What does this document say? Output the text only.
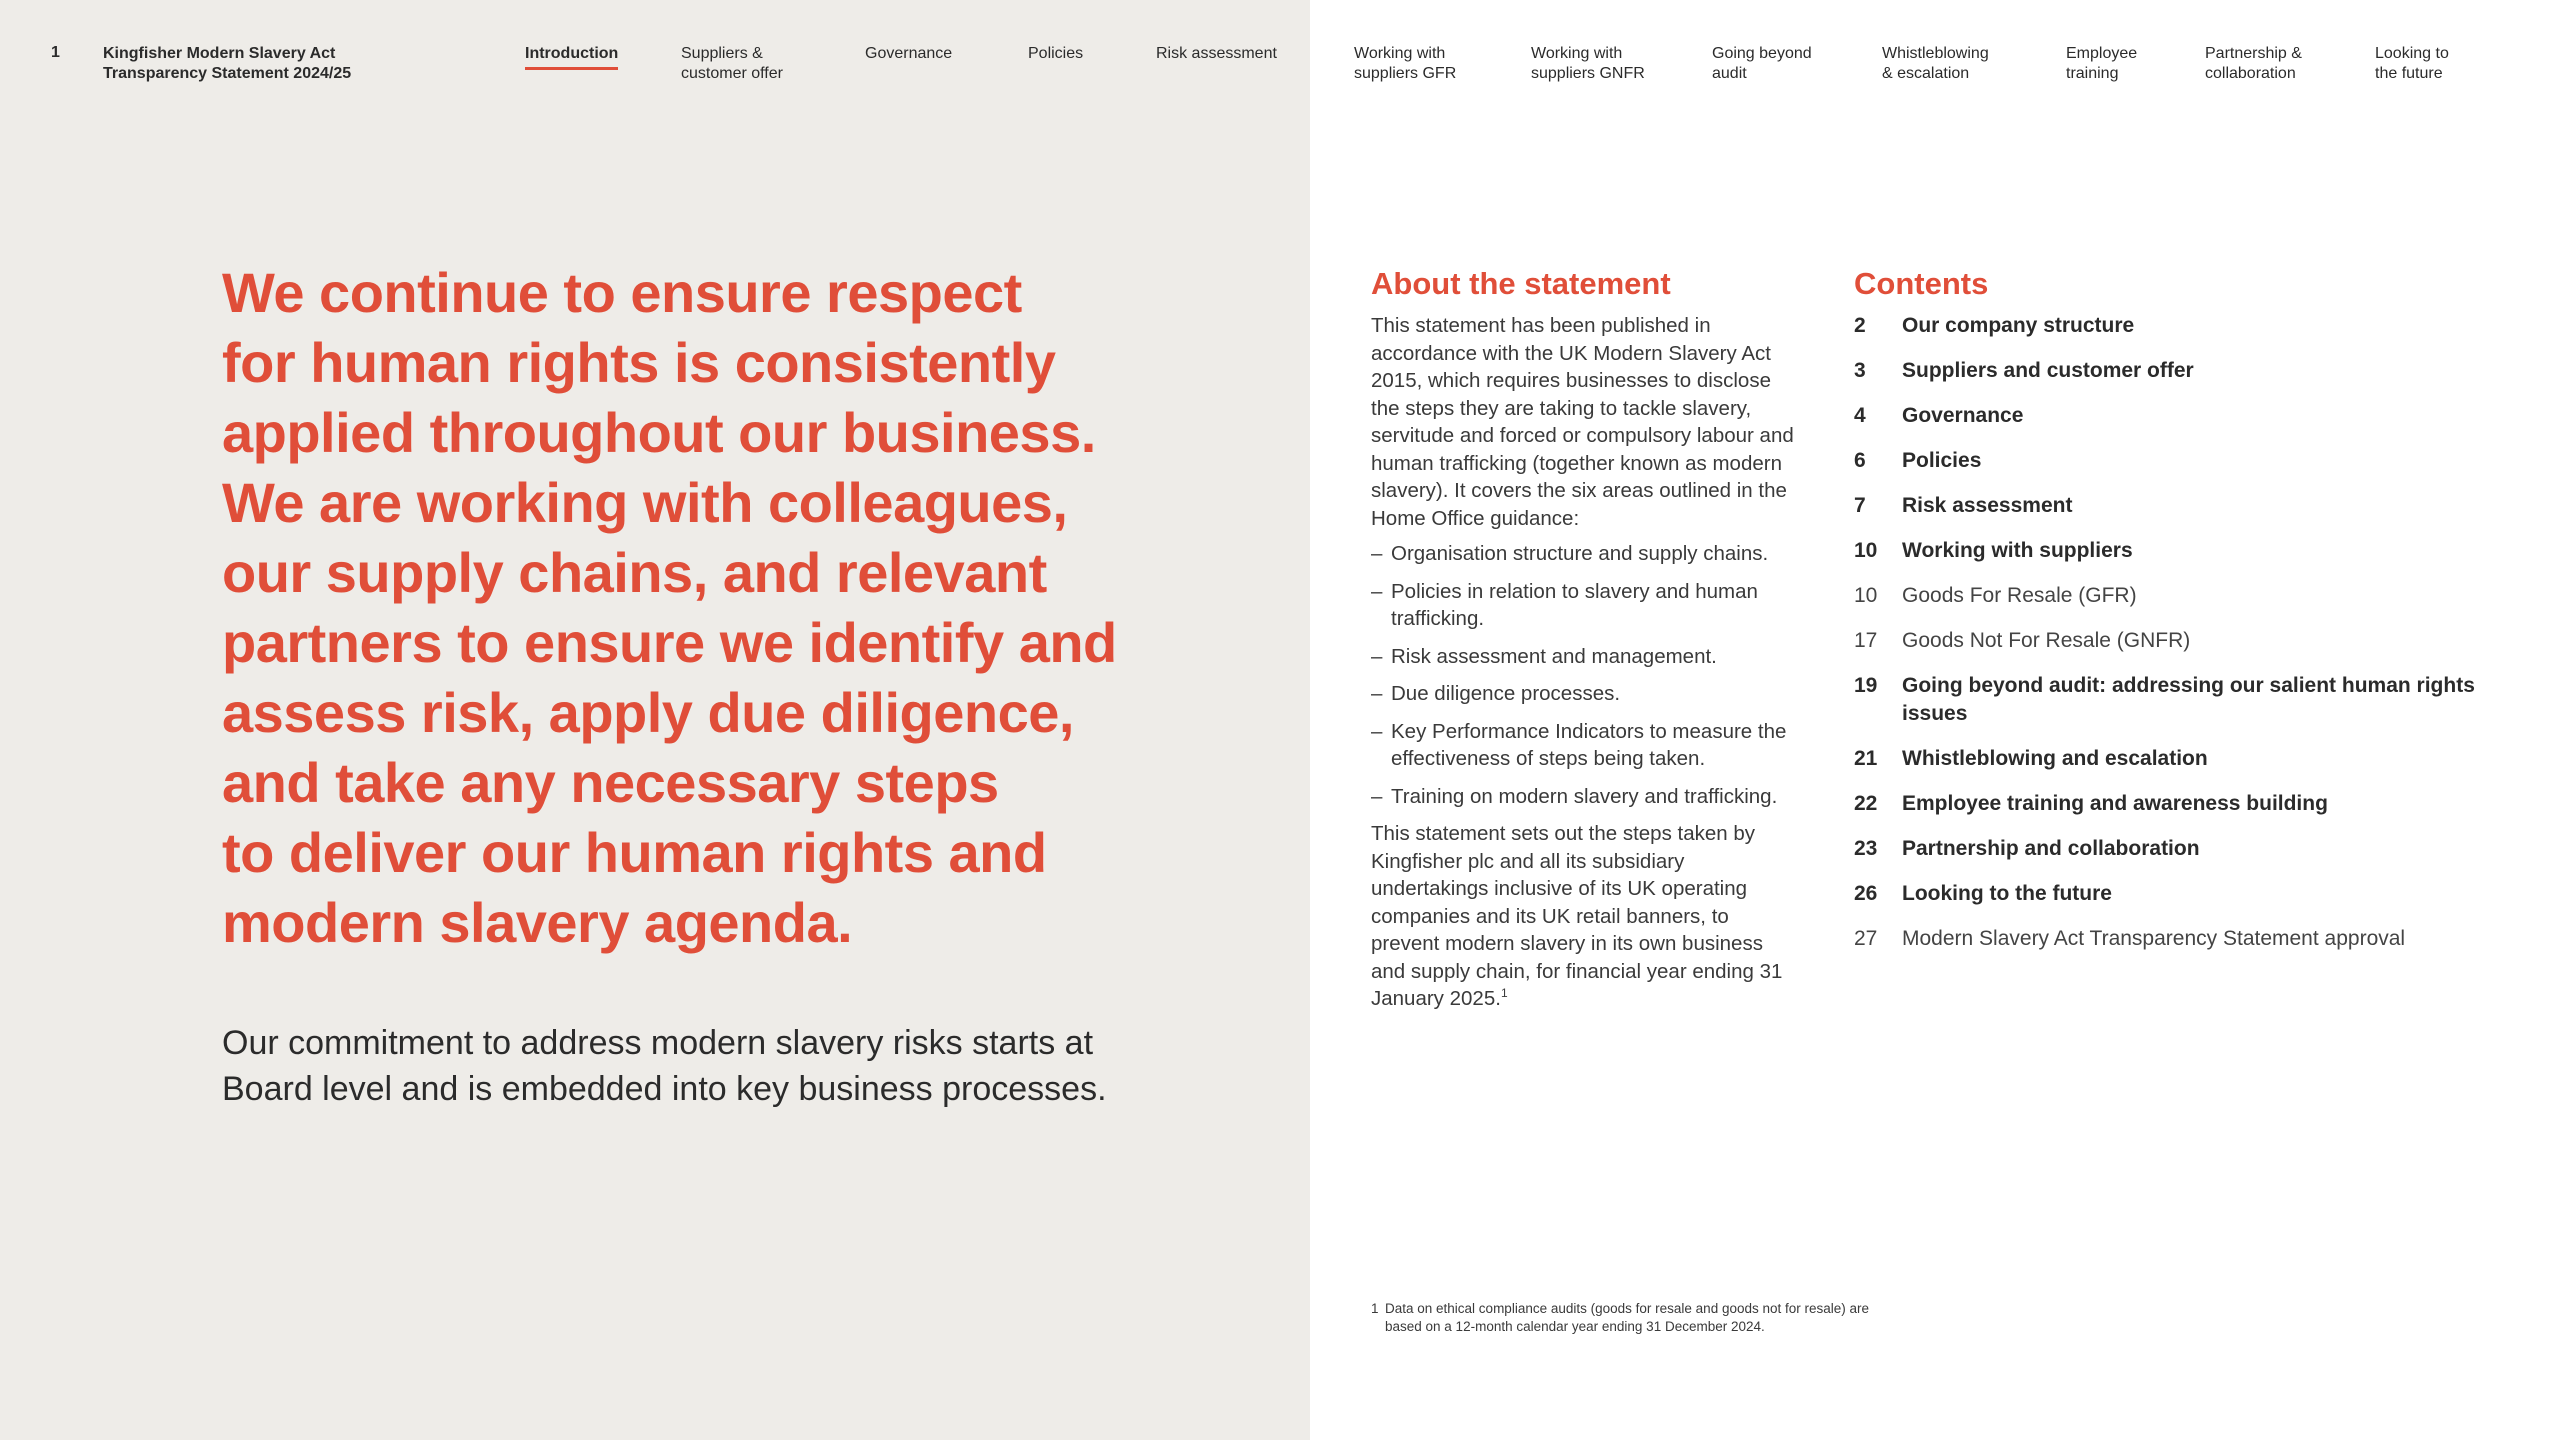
1	Kingfisher Modern Slavery Act
Transparency Statement 2024/25
Introduction	Suppliers &
customer offer
Governance	Policies	Risk assessment	Working with
suppliers GFR
Working with
suppliers GNFR
Going beyond
audit
Whistleblowing
& escalation
Employee
training
Partnership &
collaboration
Looking to
the future
We continue to ensure respect
for human rights is consistently
applied throughout our business.
We are working with colleagues,
our supply chains, and relevant
partners to ensure we identify and
assess risk, apply due diligence,
and take any necessary steps
to deliver our human rights and
modern slavery agenda.
Our commitment to address modern slavery risks starts at
Board level and is embedded into key business processes.
About the statement

This statement has been published in accordance with the UK Modern Slavery Act 2015, which requires businesses to disclose the steps they are taking to tackle slavery, servitude and forced or compulsory labour and human trafficking (together known as modern slavery). It covers the six areas outlined in the Home Office guidance:

– Organisation structure and supply chains.
– Policies in relation to slavery and human trafficking.
– Risk assessment and management.
– Due diligence processes.
– Key Performance Indicators to measure the effectiveness of steps being taken.
– Training on modern slavery and trafficking.

This statement sets out the steps taken by Kingfisher plc and all its subsidiary undertakings inclusive of its UK operating companies and its UK retail banners, to prevent modern slavery in its own business and supply chain, for financial year ending 31 January 2025.$^1$

Contents
2	Our company structure
3	Suppliers and customer offer
4	Governance
6	Policies
7	Risk assessment
10	Working with suppliers
10	Goods For Resale (GFR)
17	Goods Not For Resale (GNFR)
19	Going beyond audit: addressing our salient human rights issues
21	Whistleblowing and escalation
22	Employee training and awareness building
23	Partnership and collaboration
26	Looking to the future
27	Modern Slavery Act Transparency Statement approval
1 Data on ethical compliance audits (goods for resale and goods not for resale) are based on a 12-month calendar year ending 31 December 2024.
